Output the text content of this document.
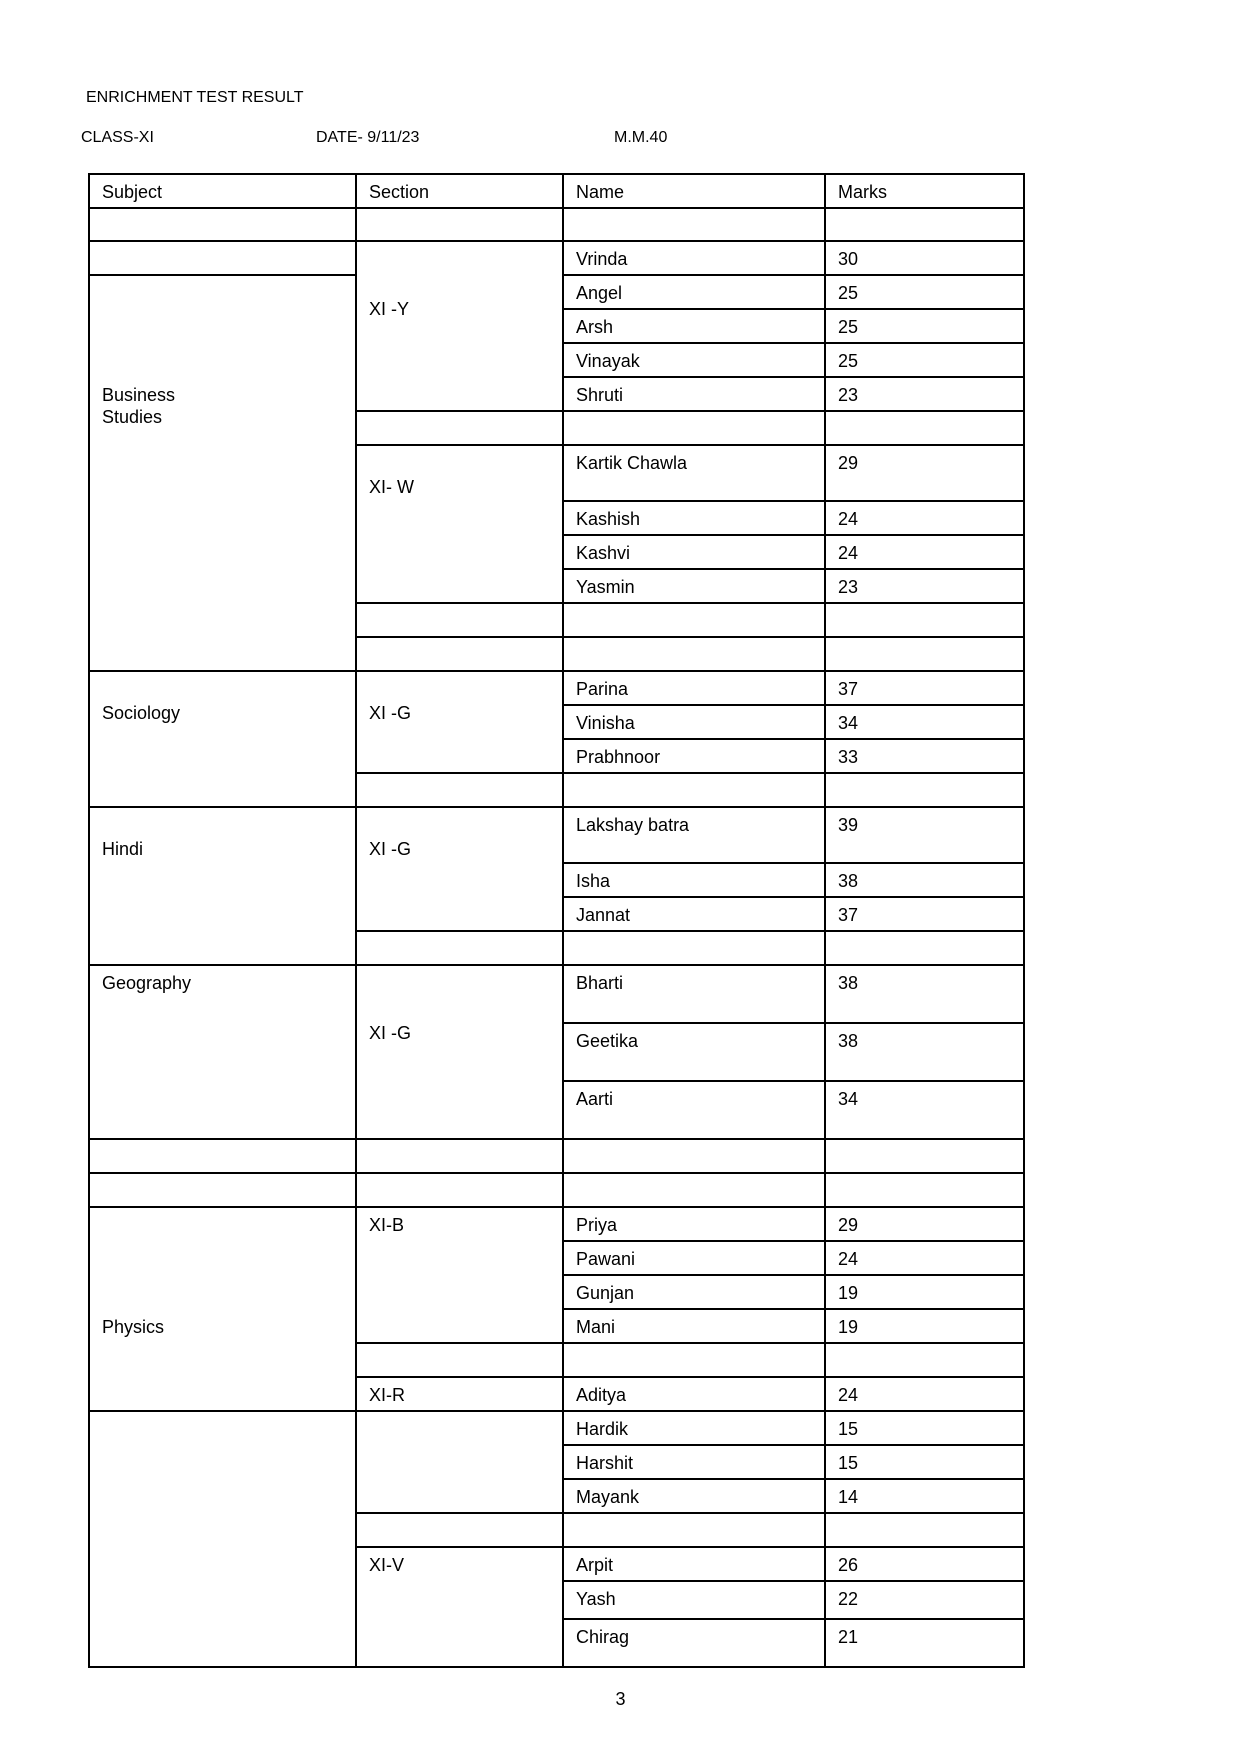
ENRICHMENT TEST RESULT
CLASS-XI	DATE- 9/11/23	M.M.40
Subject	Section	Name	Marks	

	XI -Y	Vrinda	30	

Business Studies		Angel	25	

		Arsh	25	

		Vinayak	25	

		Shruti	23	

	XI- W	Kartik Chawla	29	

		Kashish	24	

		Kashvi	24	

		Yasmin	23	

Sociology	XI -G	Parina	37	

		Vinisha	34	

		Prabhnoor	33	

Hindi	XI -G	Lakshay batra	39	

		Isha	38	

		Jannat	37	

Geography	XI -G	Bharti	38	

		Geetika	38	

		Aarti	34	

Physics	XI-B	Priya	29	

		Pawani	24	

		Gunjan	19	

		Mani	19	

	XI-R	Aditya	24	

		Hardik	15	

		Harshit	15	

		Mayank	14	

	XI-V	Arpit	26	

		Yash	22	

		Chirag	21	
3
